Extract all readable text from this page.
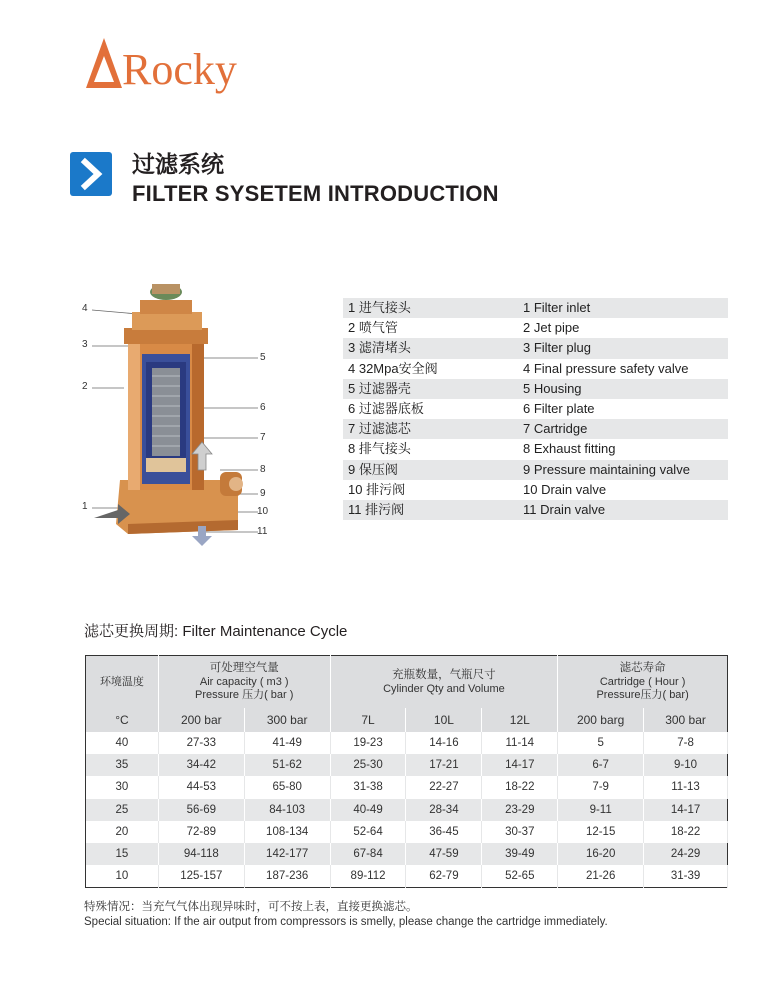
Rocky
过滤系统
FILTER SYSETEM INTRODUCTION
4
3
2
1
5
6
7
8
9
10
11
1 进气接头	1 Filter inlet
2 喷气管	2 Jet pipe
3 滤清堵头	3 Filter plug
4 32Mpa安全阀	4 Final pressure safety valve
5 过滤器壳	5 Housing
6 过滤器底板	6 Filter plate
7 过滤滤芯	7 Cartridge
8 排气接头	8 Exhaust fitting
9 保压阀	9 Pressure maintaining valve
10 排污阀	10 Drain valve
11 排污阀	11 Drain valve
滤芯更换周期: Filter Maintenance Cycle
环境温度	可处理空气量
Air capacity ( m3 )
Pressure 压力( bar )		充瓶数量，气瓶尺寸
Cylinder Qty and Volume			滤芯寿命
Cartridge ( Hour )
Pressure压力( bar)	
°C	200 bar	300 bar	7L	10L	12L	200 barg	300 bar
40	27-33	41-49	19-23	14-16	11-14	5	7-8
35	34-42	51-62	25-30	17-21	14-17	6-7	9-10
30	44-53	65-80	31-38	22-27	18-22	7-9	11-13
25	56-69	84-103	40-49	28-34	23-29	9-11	14-17
20	72-89	108-134	52-64	36-45	30-37	12-15	18-22
15	94-118	142-177	67-84	47-59	39-49	16-20	24-29
10	125-157	187-236	89-112	62-79	52-65	21-26	31-39
特殊情况：当充气气体出现异味时，可不按上表，直接更换滤芯。
Special situation: If the air output from compressors is smelly, please change the cartridge immediately.
